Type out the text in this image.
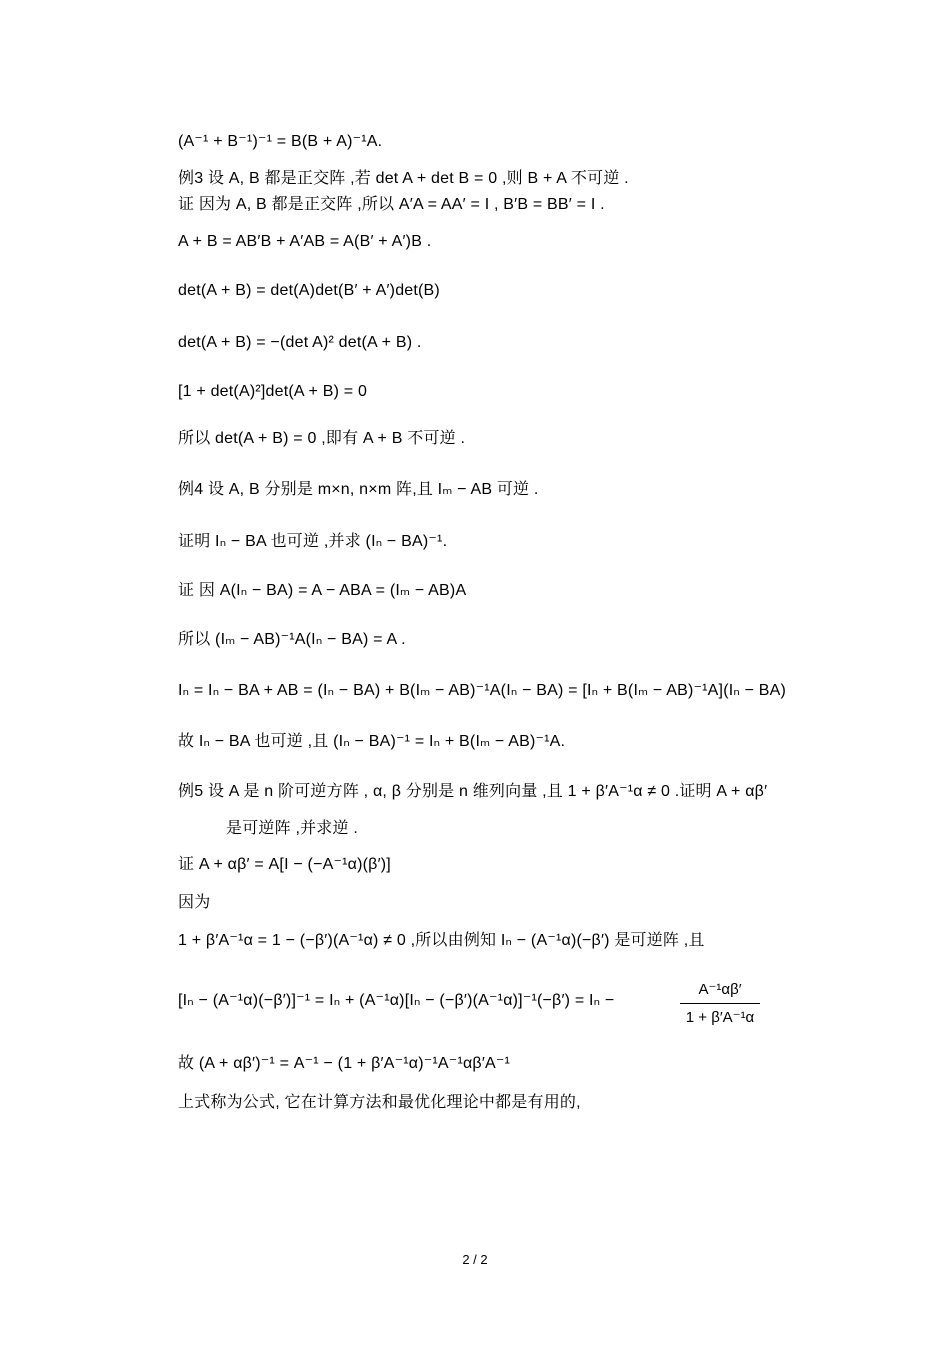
(A⁻¹ + B⁻¹)⁻¹ = B(B + A)⁻¹A.
例3 设 A, B 都是正交阵 ,若 det A + det B = 0 ,则 B + A 不可逆 .
证 因为 A, B 都是正交阵 ,所以 A′A = AA′ = I , B′B = BB′ = I .
A + B = AB′B + A′AB = A(B′ + A′)B .
det(A + B) = det(A)det(B′ + A′)det(B)
det(A + B) = −(det A)² det(A + B) .
[1 + det(A)²]det(A + B) = 0
所以 det(A + B) = 0 ,即有 A + B 不可逆 .
例4 设 A, B 分别是 m×n, n×m 阵,且 Iₘ − AB 可逆 .
证明 Iₙ − BA 也可逆 ,并求 (Iₙ − BA)⁻¹.
证 因 A(Iₙ − BA) = A − ABA = (Iₘ − AB)A
所以 (Iₘ − AB)⁻¹A(Iₙ − BA) = A .
Iₙ = Iₙ − BA + AB = (Iₙ − BA) + B(Iₘ − AB)⁻¹A(Iₙ − BA) = [Iₙ + B(Iₘ − AB)⁻¹A](Iₙ − BA)
故 Iₙ − BA 也可逆 ,且 (Iₙ − BA)⁻¹ = Iₙ + B(Iₘ − AB)⁻¹A.
例5 设 A 是 n 阶可逆方阵 , α, β 分别是 n 维列向量 ,且 1 + β′A⁻¹α ≠ 0 .证明 A + αβ′
是可逆阵 ,并求逆 .
证 A + αβ′ = A[I − (−A⁻¹α)(β′)]
因为
1 + β′A⁻¹α = 1 − (−β′)(A⁻¹α) ≠ 0 ,所以由例知 Iₙ − (A⁻¹α)(−β′) 是可逆阵 ,且
[Iₙ − (A⁻¹α)(−β′)]⁻¹ = Iₙ + (A⁻¹α)[Iₙ − (−β′)(A⁻¹α)]⁻¹(−β′) = Iₙ −
A⁻¹αβ′
1 + β′A⁻¹α
故 (A + αβ′)⁻¹ = A⁻¹ − (1 + β′A⁻¹α)⁻¹A⁻¹αβ′A⁻¹
上式称为公式, 它在计算方法和最优化理论中都是有用的,
2 / 2
